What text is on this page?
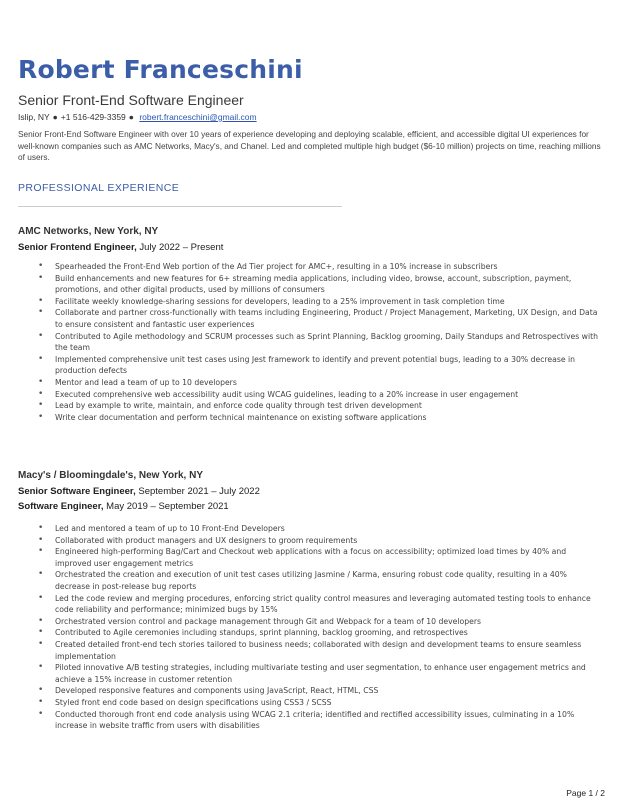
Robert Franceschini
Senior Front-End Software Engineer
Islip, NY ● +1 516-429-3359 ● robert.franceschini@gmail.com
Senior Front-End Software Engineer with over 10 years of experience developing and deploying scalable, efficient, and accessible digital UI experiences for well-known companies such as AMC Networks, Macy's, and Chanel. Led and completed multiple high budget ($6-10 million) projects on time, reaching millions of users.
PROFESSIONAL EXPERIENCE
AMC Networks, New York, NY
Senior Frontend Engineer, July 2022 – Present
• Spearheaded the Front-End Web portion of the Ad Tier project for AMC+, resulting in a 10% increase in subscribers
• Build enhancements and new features for 6+ streaming media applications, including video, browse, account, subscription, payment, promotions, and other digital products, used by millions of consumers
• Facilitate weekly knowledge-sharing sessions for developers, leading to a 25% improvement in task completion time
• Collaborate and partner cross-functionally with teams including Engineering, Product / Project Management, Marketing, UX Design, and Data to ensure consistent and fantastic user experiences
• Contributed to Agile methodology and SCRUM processes such as Sprint Planning, Backlog grooming, Daily Standups and Retrospectives with the team
• Implemented comprehensive unit test cases using Jest framework to identify and prevent potential bugs, leading to a 30% decrease in production defects
• Mentor and lead a team of up to 10 developers
• Executed comprehensive web accessibility audit using WCAG guidelines, leading to a 20% increase in user engagement
• Lead by example to write, maintain, and enforce code quality through test driven development
• Write clear documentation and perform technical maintenance on existing software applications
Macy's / Bloomingdale's, New York, NY
Senior Software Engineer, September 2021 – July 2022
Software Engineer, May 2019 – September 2021
• Led and mentored a team of up to 10 Front-End Developers
• Collaborated with product managers and UX designers to groom requirements
• Engineered high-performing Bag/Cart and Checkout web applications with a focus on accessibility; optimized load times by 40% and improved user engagement metrics
• Orchestrated the creation and execution of unit test cases utilizing Jasmine / Karma, ensuring robust code quality, resulting in a 40% decrease in post-release bug reports
• Led the code review and merging procedures, enforcing strict quality control measures and leveraging automated testing tools to enhance code reliability and performance; minimized bugs by 15%
• Orchestrated version control and package management through Git and Webpack for a team of 10 developers
• Contributed to Agile ceremonies including standups, sprint planning, backlog grooming, and retrospectives
• Created detailed front-end tech stories tailored to business needs; collaborated with design and development teams to ensure seamless implementation
• Piloted innovative A/B testing strategies, including multivariate testing and user segmentation, to enhance user engagement metrics and achieve a 15% increase in customer retention
• Developed responsive features and components using JavaScript, React, HTML, CSS
• Styled front end code based on design specifications using CSS3 / SCSS
• Conducted thorough front end code analysis using WCAG 2.1 criteria; identified and rectified accessibility issues, culminating in a 10% increase in website traffic from users with disabilities
Page 1 / 2
